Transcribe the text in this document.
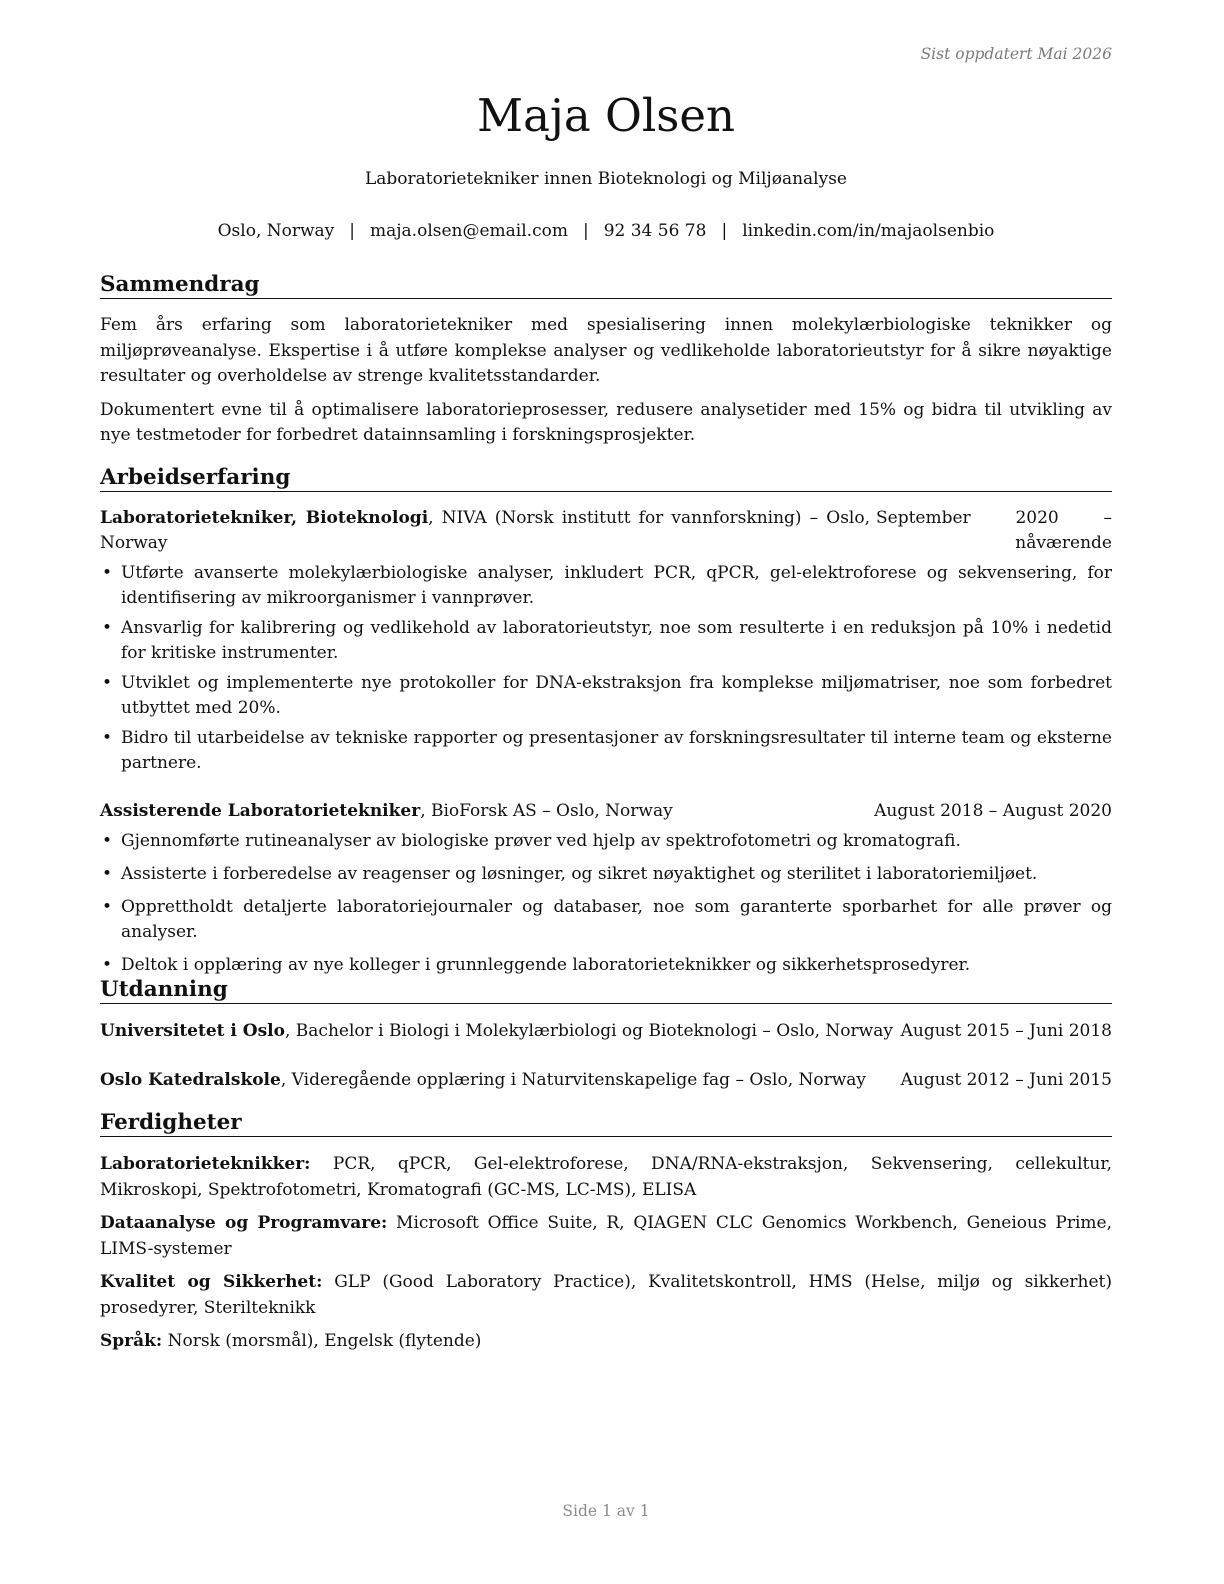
Sist oppdatert Mai 2026
Maja Olsen
Laboratorietekniker innen Bioteknologi og Miljøanalyse
Oslo, Norway | maja.olsen@email.com | 92 34 56 78 | linkedin.com/in/majaolsenbio
Sammendrag

Fem års erfaring som laboratorietekniker med spesialisering innen molekylærbiologiske teknikker og miljøprøveanalyse. Ekspertise i å utføre komplekse analyser og vedlikeholde laboratorieutstyr for å sikre nøyaktige resultater og overholdelse av strenge kvalitetsstandarder.

Dokumentert evne til å optimalisere laboratorieprosesser, redusere analysetider med 15% og bidra til utvikling av nye testmetoder for forbedret datainnsamling i forskningsprosjekter.

Arbeidserfaring
Laboratorietekniker, Bioteknologi, NIVA (Norsk institutt for vannforskning) – Oslo, Norway
September 2020 – nåværende
• Utførte avanserte molekylærbiologiske analyser, inkludert PCR, qPCR, gel-elektroforese og sekvensering, for identifisering av mikroorganismer i vannprøver.
• Ansvarlig for kalibrering og vedlikehold av laboratorieutstyr, noe som resulterte i en reduksjon på 10% i nedetid for kritiske instrumenter.
• Utviklet og implementerte nye protokoller for DNA-ekstraksjon fra komplekse miljømatriser, noe som forbedret utbyttet med 20%.
• Bidro til utarbeidelse av tekniske rapporter og presentasjoner av forskningsresultater til interne team og eksterne partnere.
Assisterende Laboratorietekniker, BioForsk AS – Oslo, Norway	August 2018 – August 2020
• Gjennomførte rutineanalyser av biologiske prøver ved hjelp av spektrofotometri og kromatografi.
• Assisterte i forberedelse av reagenser og løsninger, og sikret nøyaktighet og sterilitet i laboratoriemiljøet.
• Opprettholdt detaljerte laboratoriejournaler og databaser, noe som garanterte sporbarhet for alle prøver og analyser.
• Deltok i opplæring av nye kolleger i grunnleggende laboratorieteknikker og sikkerhetsprosedyrer.
Utdanning
Universitetet i Oslo, Bachelor i Biologi i Molekylærbiologi og Bioteknologi – Oslo, Norway August 2015 – Juni 2018
Oslo Katedralskole, Videregående opplæring i Naturvitenskapelige fag – Oslo, Norway August 2012 – Juni 2015
Ferdigheter

Laboratorieteknikker: PCR, qPCR, Gel-elektroforese, DNA/RNA-ekstraksjon, Sekvensering, cellekultur, Mikroskopi, Spektrofotometri, Kromatografi (GC-MS, LC-MS), ELISA

Dataanalyse og Programvare: Microsoft Office Suite, R, QIAGEN CLC Genomics Workbench, Geneious Prime, LIMS-systemer

Kvalitet og Sikkerhet: GLP (Good Laboratory Practice), Kvalitetskontroll, HMS (Helse, miljø og sikkerhet) prosedyrer, Sterilteknikk

Språk: Norsk (morsmål), Engelsk (flytende)

Side 1 av 1
